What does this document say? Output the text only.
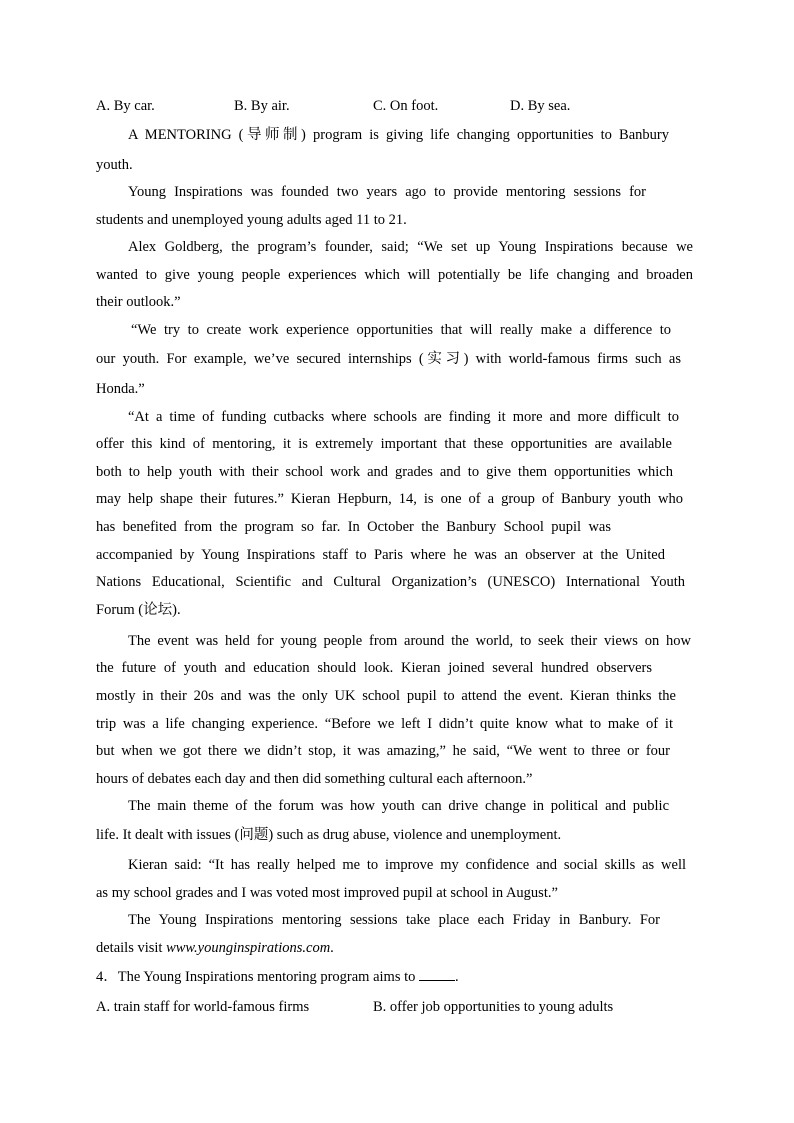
A. By car.	B. By air.	C. On foot.	D. By sea.
A MENTORING (导师制) program is giving life changing opportunities to Banbury
youth.
Young Inspirations was founded two years ago to provide mentoring sessions for
students and unemployed young adults aged 11 to 21.
Alex Goldberg, the program’s founder, said; “We set up Young Inspirations because we
wanted to give young people experiences which will potentially be life changing and broaden
their outlook.”
“We try to create work experience opportunities that will really make a difference to
our youth. For example, we’ve secured internships (实习) with world-famous firms such as
Honda.”
“At a time of funding cutbacks where schools are finding it more and more difficult to
offer this kind of mentoring, it is extremely important that these opportunities are available
both to help youth with their school work and grades and to give them opportunities which
may help shape their futures.” Kieran Hepburn, 14, is one of a group of Banbury youth who
has benefited from the program so far. In October the Banbury School pupil was
accompanied by Young Inspirations staff to Paris where he was an observer at the United
Nations Educational, Scientific and Cultural Organization’s (UNESCO) International Youth
Forum (论坛).
The event was held for young people from around the world, to seek their views on how
the future of youth and education should look. Kieran joined several hundred observers
mostly in their 20s and was the only UK school pupil to attend the event. Kieran thinks the
trip was a life changing experience. “Before we left I didn’t quite know what to make of it
but when we got there we didn’t stop, it was amazing,” he said, “We went to three or four
hours of debates each day and then did something cultural each afternoon.”
The main theme of the forum was how youth can drive change in political and public
life. It dealt with issues (问题) such as drug abuse, violence and unemployment.
Kieran said: “It has really helped me to improve my confidence and social skills as well
as my school grades and I was voted most improved pupil at school in August.”
The Young Inspirations mentoring sessions take place each Friday in Banbury. For
details visit www.younginspirations.com.
4．The Young Inspirations mentoring program aims to	.
A. train staff for world-famous firms	B. offer job opportunities to young adults
